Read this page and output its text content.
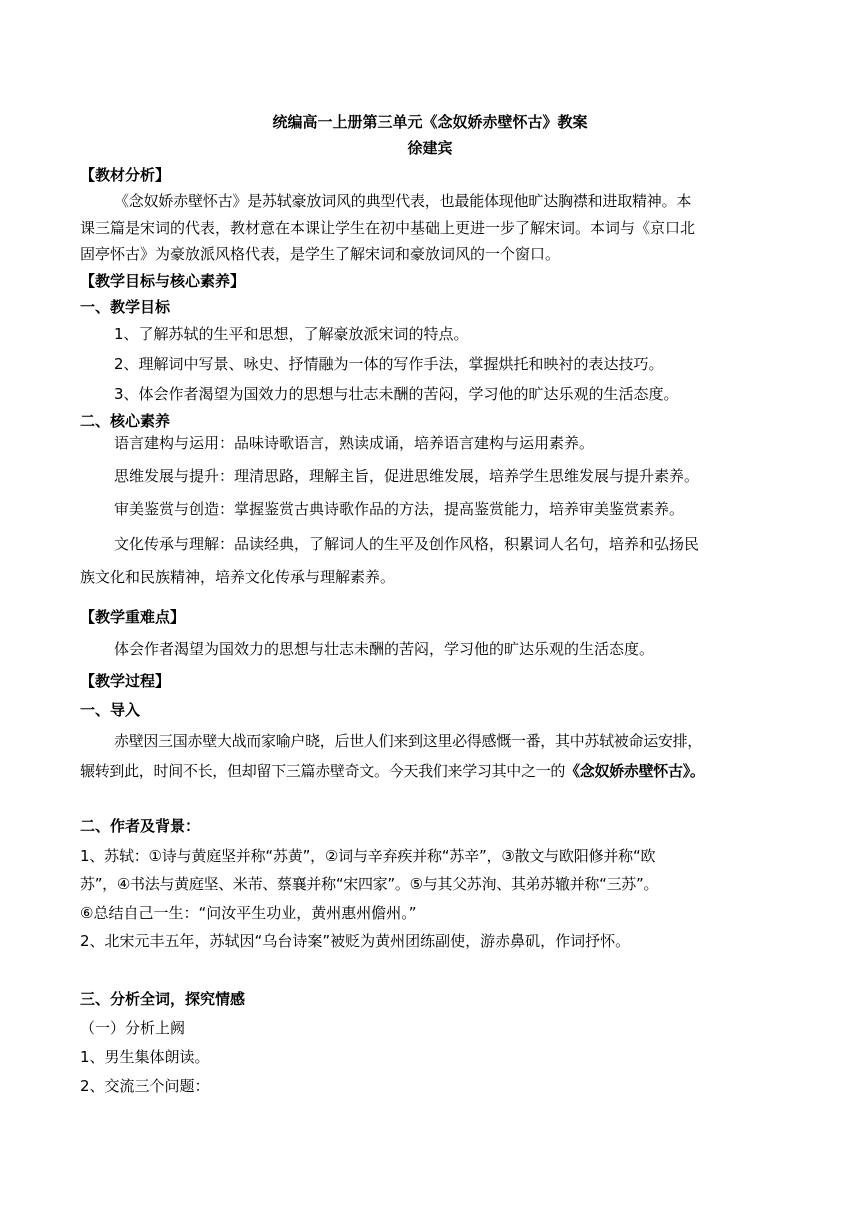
统编高一上册第三单元《念奴娇赤壁怀古》教案
徐建宾
【教材分析】
《念奴娇赤壁怀古》是苏轼豪放词风的典型代表，也最能体现他旷达胸襟和进取精神。本
课三篇是宋词的代表，教材意在本课让学生在初中基础上更进一步了解宋词。本词与《京口北
固亭怀古》为豪放派风格代表，是学生了解宋词和豪放词风的一个窗口。
【教学目标与核心素养】
一、教学目标
1、了解苏轼的生平和思想，了解豪放派宋词的特点。
2、理解词中写景、咏史、抒情融为一体的写作手法，掌握烘托和映衬的表达技巧。
3、体会作者渴望为国效力的思想与壮志未酬的苦闷，学习他的旷达乐观的生活态度。
二、核心素养
语言建构与运用：品味诗歌语言，熟读成诵，培养语言建构与运用素养。
思维发展与提升：理清思路，理解主旨，促进思维发展，培养学生思维发展与提升素养。
审美鉴赏与创造：掌握鉴赏古典诗歌作品的方法，提高鉴赏能力，培养审美鉴赏素养。
文化传承与理解：品读经典，了解词人的生平及创作风格，积累词人名句，培养和弘扬民
族文化和民族精神，培养文化传承与理解素养。
【教学重难点】
体会作者渴望为国效力的思想与壮志未酬的苦闷，学习他的旷达乐观的生活态度。
【教学过程】
一、导入
赤壁因三国赤壁大战而家喻户晓，后世人们来到这里必得感慨一番，其中苏轼被命运安排，
辗转到此，时间不长，但却留下三篇赤壁奇文。今天我们来学习其中之一的《念奴娇赤壁怀古》。
二、作者及背景：
1、苏轼：①诗与黄庭坚并称“苏黄”，②词与辛弃疾并称“苏辛”，③散文与欧阳修并称“欧
苏”，④书法与黄庭坚、米芾、蔡襄并称“宋四家”。⑤与其父苏洵、其弟苏辙并称“三苏”。
⑥总结自己一生：“问汝平生功业，黄州惠州儋州。”
2、北宋元丰五年，苏轼因“乌台诗案”被贬为黄州团练副使，游赤鼻矶，作词抒怀。
三、分析全词，探究情感
（一）分析上阙
1、男生集体朗读。
2、交流三个问题：
